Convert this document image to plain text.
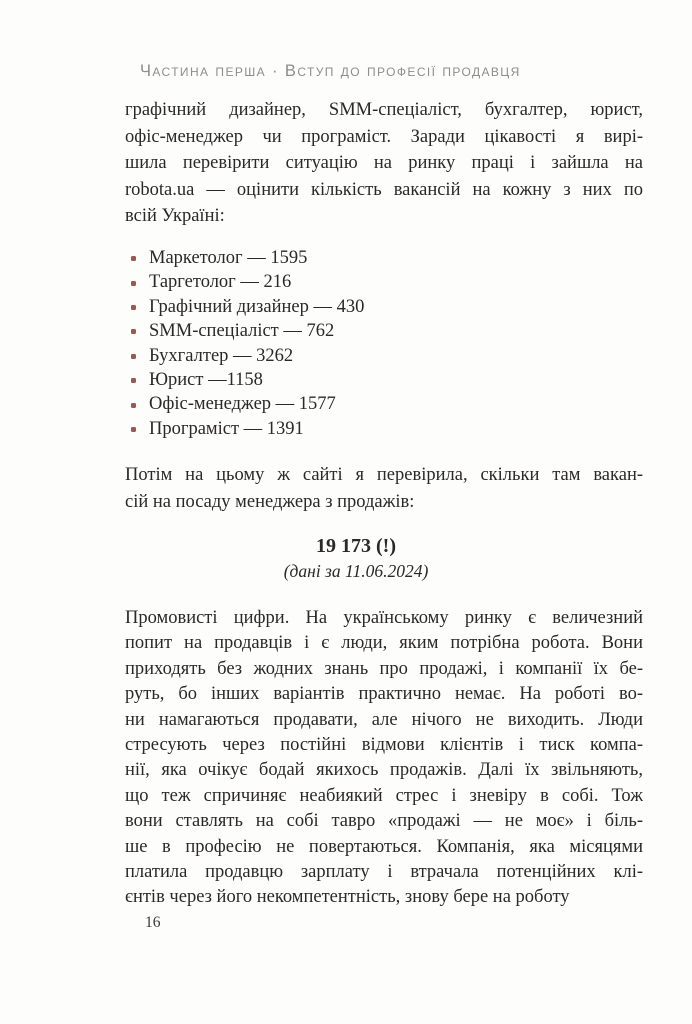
Частина перша · Вступ до професії продавця
графічний дизайнер, SMM-спеціаліст, бухгалтер, юрист,
офіс-менеджер чи програміст. Заради цікавості я вирі-
шила перевірити ситуацію на ринку праці і зайшла на
robota.ua — оцінити кількість вакансій на кожну з них по
всій Україні:
Маркетолог — 1595
Таргетолог — 216
Графічний дизайнер — 430
SMM-спеціаліст — 762
Бухгалтер — 3262
Юрист —1158
Офіс-менеджер — 1577
Програміст — 1391
Потім на цьому ж сайті я перевірила, скільки там вакан-
сій на посаду менеджера з продажів:
19 173 (!)
(дані за 11.06.2024)
Промовисті цифри. На українському ринку є величезний
попит на продавців і є люди, яким потрібна робота. Вони
приходять без жодних знань про продажі, і компанії їх бе-
руть, бо інших варіантів практично немає. На роботі во-
ни намагаються продавати, але нічого не виходить. Люди
стресують через постійні відмови клієнтів і тиск компа-
нії, яка очікує бодай якихось продажів. Далі їх звільняють,
що теж спричиняє неабиякий стрес і зневіру в собі. Тож
вони ставлять на собі тавро «продажі — не моє» і біль-
ше в професію не повертаються. Компанія, яка місяцями
платила продавцю зарплату і втрачала потенційних клі-
єнтів через його некомпетентність, знову бере на роботу
16
